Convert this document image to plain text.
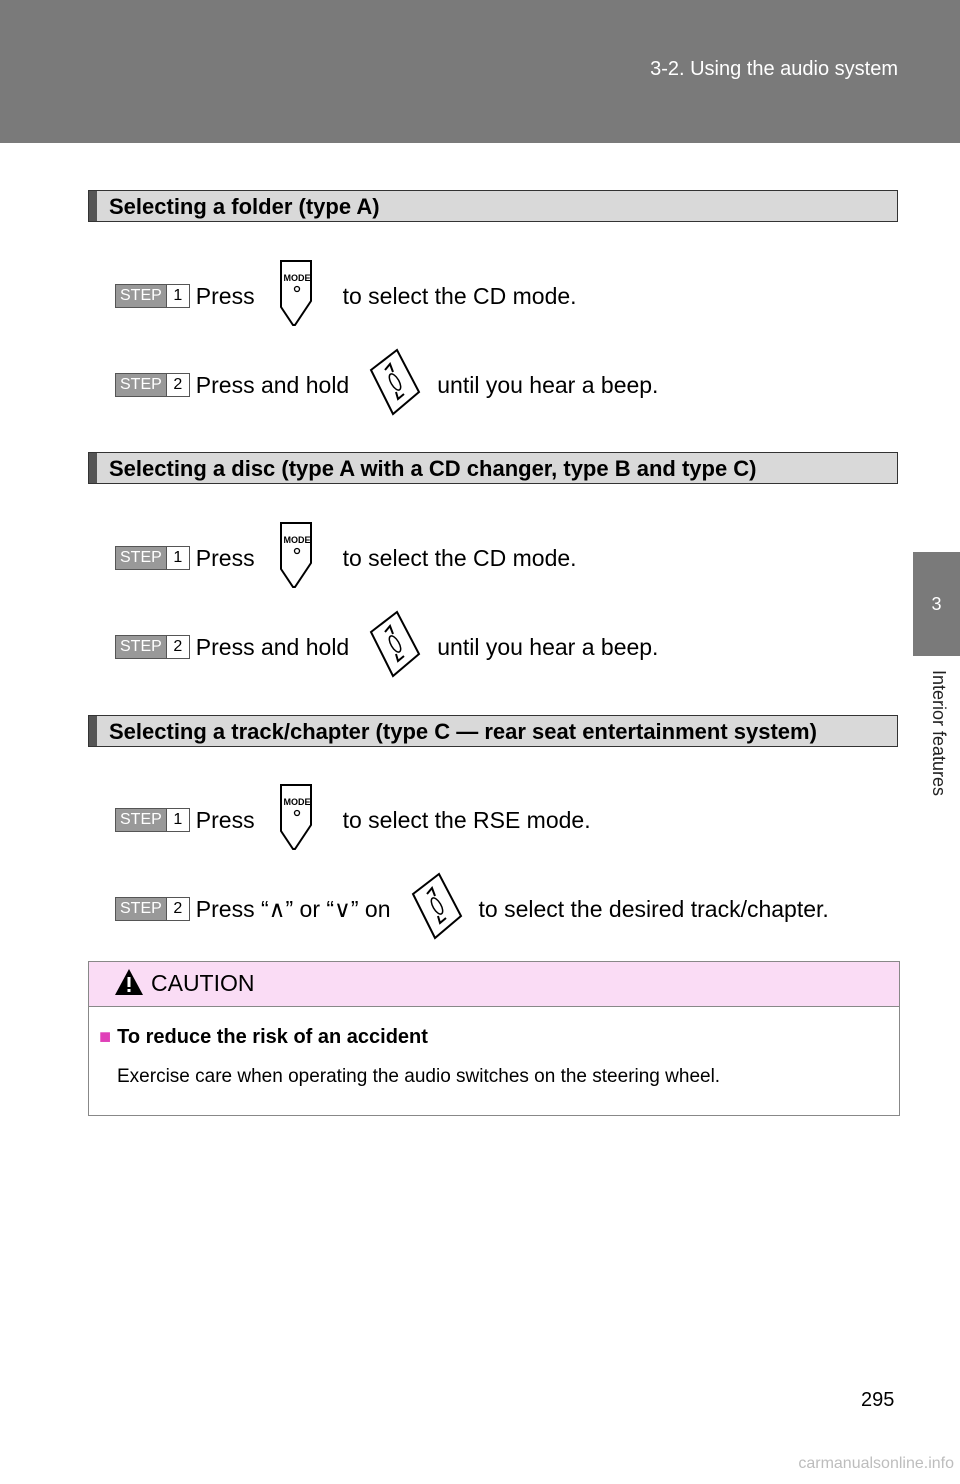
3-2. Using the audio system
3
Interior features
Selecting a folder (type A)
STEP 1 Press
MODE
to select the CD mode.
STEP 2 Press and hold	until you hear a beep.
Selecting a disc (type A with a CD changer, type B and type C)
STEP 1 Press
MODE
to select the CD mode.
STEP 2 Press and hold	until you hear a beep.
Selecting a track/chapter (type C — rear seat entertainment system)
STEP 1 Press
MODE
to select the RSE mode.
STEP 2 Press “∧” or “∨” on	to select the desired track/chapter.
CAUTION
■ To reduce the risk of an accident
Exercise care when operating the audio switches on the steering wheel.
295
carmanualsonline.info
